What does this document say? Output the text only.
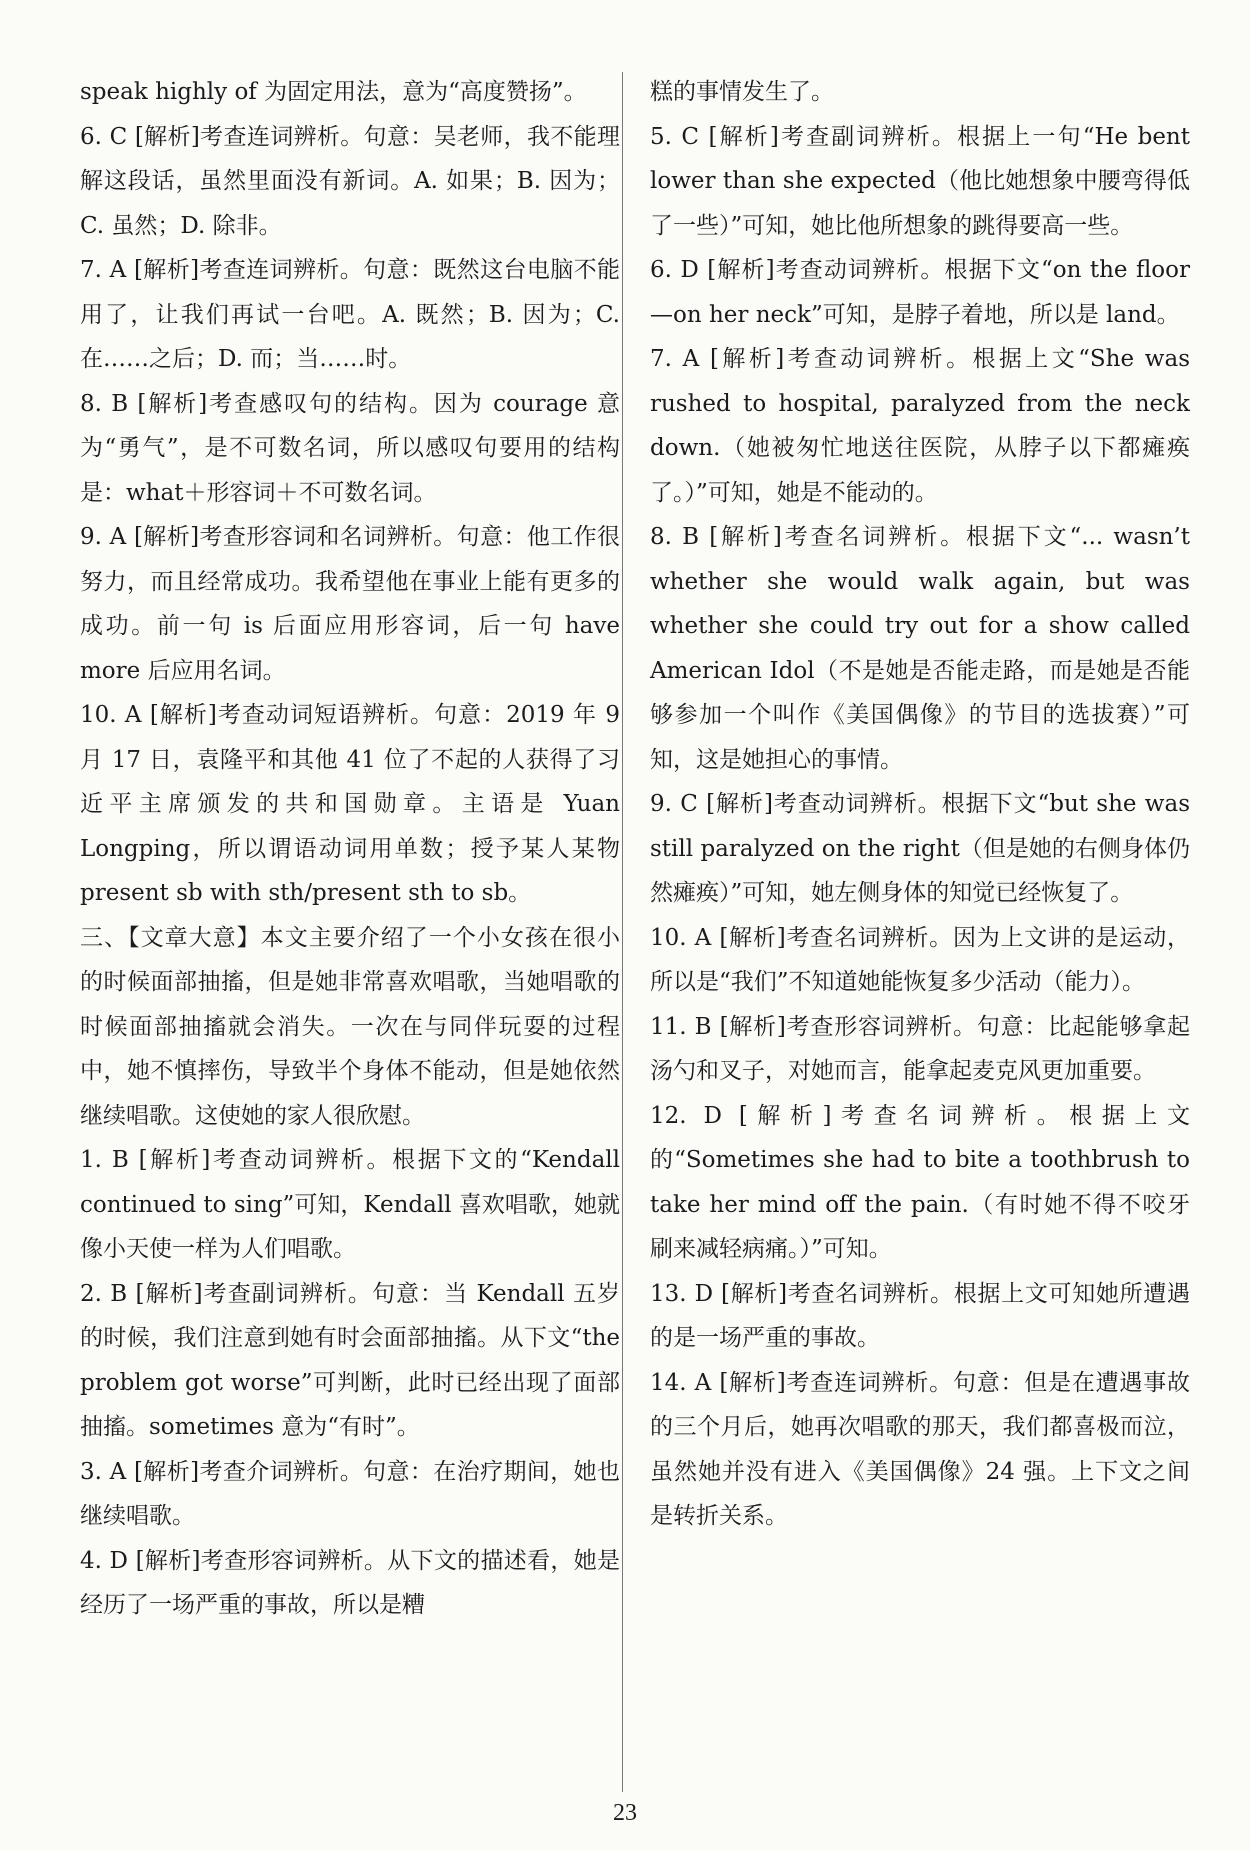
speak highly of 为固定用法，意为“高度赞扬”。

6. C [解析]考查连词辨析。句意：吴老师，我不能理解这段话，虽然里面没有新词。A. 如果；B. 因为；C. 虽然；D. 除非。

7. A [解析]考查连词辨析。句意：既然这台电脑不能用了，让我们再试一台吧。A. 既然；B. 因为；C. 在……之后；D. 而；当……时。

8. B [解析]考查感叹句的结构。因为 courage 意为“勇气”，是不可数名词，所以感叹句要用的结构是：what＋形容词＋不可数名词。

9. A [解析]考查形容词和名词辨析。句意：他工作很努力，而且经常成功。我希望他在事业上能有更多的成功。前一句 is 后面应用形容词，后一句 have more 后应用名词。

10. A [解析]考查动词短语辨析。句意：2019 年 9 月 17 日，袁隆平和其他 41 位了不起的人获得了习近平主席颁发的共和国勋章。主语是 Yuan Longping，所以谓语动词用单数；授予某人某物 present sb with sth/present sth to sb。

三、【文章大意】本文主要介绍了一个小女孩在很小的时候面部抽搐，但是她非常喜欢唱歌，当她唱歌的时候面部抽搐就会消失。一次在与同伴玩耍的过程中，她不慎摔伤，导致半个身体不能动，但是她依然继续唱歌。这使她的家人很欣慰。

1. B [解析]考查动词辨析。根据下文的“Kendall continued to sing”可知，Kendall 喜欢唱歌，她就像小天使一样为人们唱歌。

2. B [解析]考查副词辨析。句意：当 Kendall 五岁的时候，我们注意到她有时会面部抽搐。从下文“the problem got worse”可判断，此时已经出现了面部抽搐。sometimes 意为“有时”。

3. A [解析]考查介词辨析。句意：在治疗期间，她也继续唱歌。

4. D [解析]考查形容词辨析。从下文的描述看，她是经历了一场严重的事故，所以是糟

糕的事情发生了。

5. C [解析]考查副词辨析。根据上一句“He bent lower than she expected（他比她想象中腰弯得低了一些）”可知，她比他所想象的跳得要高一些。

6. D [解析]考查动词辨析。根据下文“on the floor—on her neck”可知，是脖子着地，所以是 land。

7. A [解析]考查动词辨析。根据上文“She was rushed to hospital, paralyzed from the neck down.（她被匆忙地送往医院，从脖子以下都瘫痪了。）”可知，她是不能动的。

8. B [解析]考查名词辨析。根据下文“... wasn’t whether she would walk again, but was whether she could try out for a show called American Idol（不是她是否能走路，而是她是否能够参加一个叫作《美国偶像》的节目的选拔赛）”可知，这是她担心的事情。

9. C [解析]考查动词辨析。根据下文“but she was still paralyzed on the right（但是她的右侧身体仍然瘫痪）”可知，她左侧身体的知觉已经恢复了。

10. A [解析]考查名词辨析。因为上文讲的是运动，所以是“我们”不知道她能恢复多少活动（能力）。

11. B [解析]考查形容词辨析。句意：比起能够拿起汤勺和叉子，对她而言，能拿起麦克风更加重要。

12. D [解析]考查名词辨析。根据上文的“Sometimes she had to bite a toothbrush to take her mind off the pain.（有时她不得不咬牙刷来减轻病痛。）”可知。

13. D [解析]考查名词辨析。根据上文可知她所遭遇的是一场严重的事故。

14. A [解析]考查连词辨析。句意：但是在遭遇事故的三个月后，她再次唱歌的那天，我们都喜极而泣，虽然她并没有进入《美国偶像》24 强。上下文之间是转折关系。

23
